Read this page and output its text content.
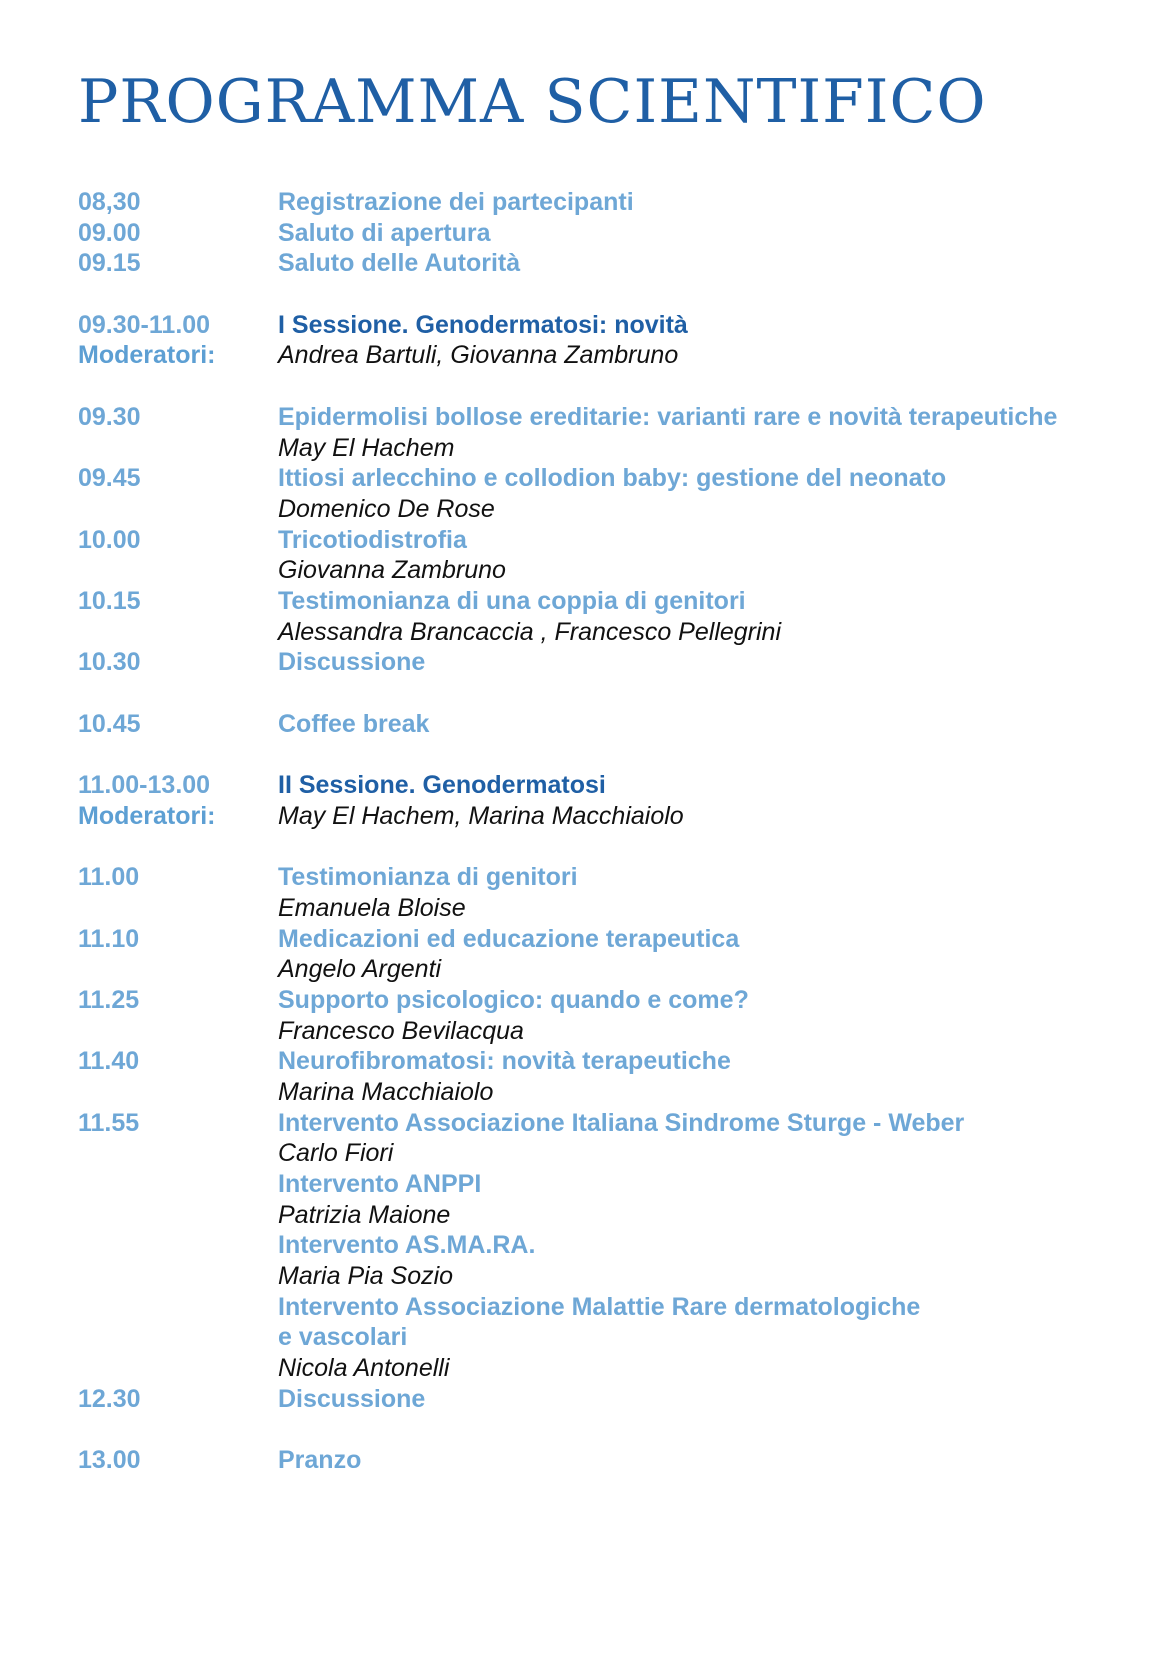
PROGRAMMA SCIENTIFICO
08,30	Registrazione dei partecipanti
09.00	Saluto di apertura
09.15	Saluto delle Autorità
09.30-11.00	I Sessione. Genodermatosi: novità
Moderatori:	Andrea Bartuli, Giovanna Zambruno
09.30	Epidermolisi bollose ereditarie: varianti rare e novità terapeutiche
May El Hachem
09.45	Ittiosi arlecchino e collodion baby: gestione del neonato
Domenico De Rose
10.00	Tricotiodistrofia
Giovanna Zambruno
10.15	Testimonianza di una coppia di genitori
Alessandra Brancaccia , Francesco Pellegrini
10.30	Discussione
10.45	Coffee break
11.00-13.00	II Sessione. Genodermatosi
Moderatori:	May El Hachem, Marina Macchiaiolo
11.00	Testimonianza di genitori
Emanuela Bloise
11.10	Medicazioni ed educazione terapeutica
Angelo Argenti
11.25	Supporto psicologico: quando e come?
Francesco Bevilacqua
11.40	Neurofibromatosi: novità terapeutiche
Marina Macchiaiolo
11.55	Intervento Associazione Italiana Sindrome Sturge - Weber
Carlo Fiori
Intervento ANPPI
Patrizia Maione
Intervento AS.MA.RA.
Maria Pia Sozio
Intervento Associazione Malattie Rare dermatologiche
e vascolari
Nicola Antonelli
12.30	Discussione
13.00	Pranzo
